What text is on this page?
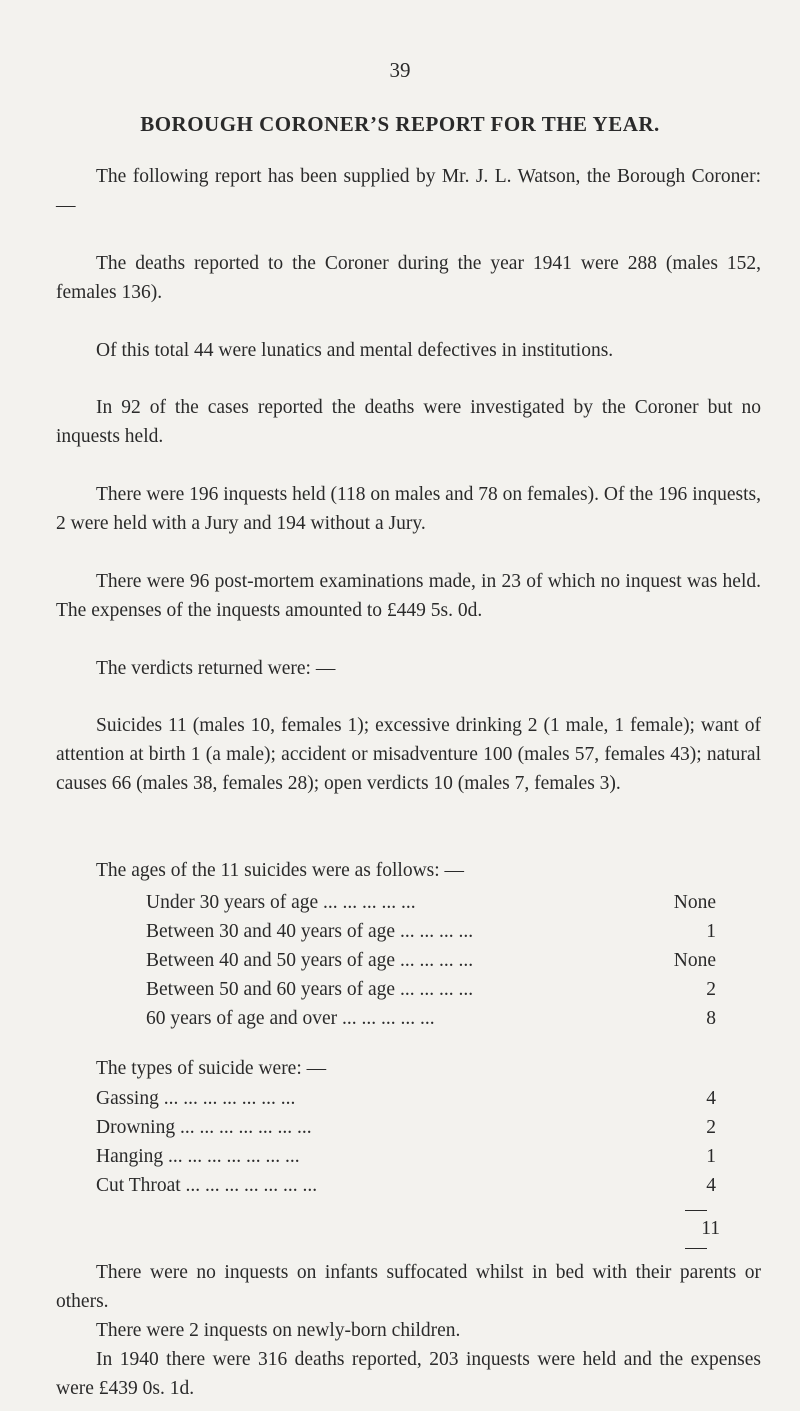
39
BOROUGH CORONER’S REPORT FOR THE YEAR.

The following report has been supplied by Mr. J. L. Watson, the Borough Coroner: —

The deaths reported to the Coroner during the year 1941 were 288 (males 152, females 136).

Of this total 44 were lunatics and mental defectives in institutions.

In 92 of the cases reported the deaths were investigated by the Coroner but no inquests held.

There were 196 inquests held (118 on males and 78 on females). Of the 196 inquests, 2 were held with a Jury and 194 without a Jury.

There were 96 post-mortem examinations made, in 23 of which no inquest was held. The expenses of the inquests amounted to £449 5s. 0d.

The verdicts returned were: —

Suicides 11 (males 10, females 1); excessive drinking 2 (1 male, 1 female); want of attention at birth 1 (a male); accident or misadventure 100 (males 57, females 43); natural causes 66 (males 38, females 28); open verdicts 10 (males 7, females 3).

The ages of the 11 suicides were as follows: —

Under 30 years of age ... ... ... ... ...	None
Between 30 and 40 years of age ... ... ... ...	1
Between 40 and 50 years of age ... ... ... ...	None
Between 50 and 60 years of age ... ... ... ...	2
60 years of age and over ... ... ... ... ...	8

The types of suicide were: —

Gassing ... ... ... ... ... ... ...	4
Drowning ... ... ... ... ... ... ...	2
Hanging ... ... ... ... ... ... ...	1
Cut Throat ... ... ... ... ... ... ...	4
11

There were no inquests on infants suffocated whilst in bed with their parents or others.

There were 2 inquests on newly-born children.

In 1940 there were 316 deaths reported, 203 inquests were held and the expenses were £439 0s. 1d.
